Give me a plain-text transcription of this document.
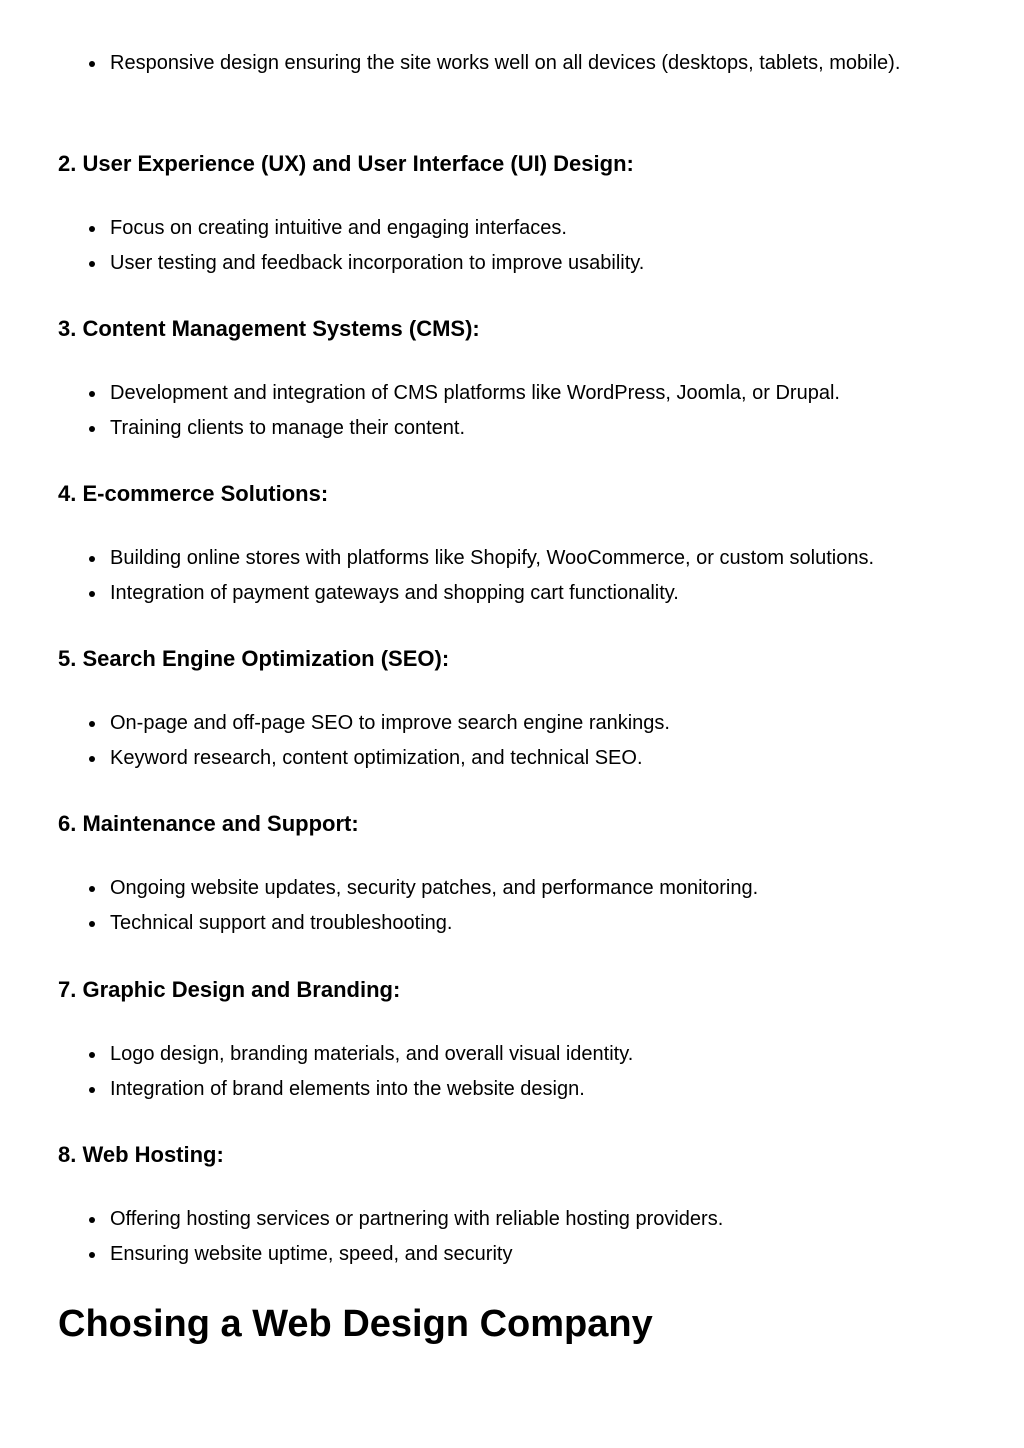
Responsive design ensuring the site works well on all devices (desktops, tablets, mobile).
2. User Experience (UX) and User Interface (UI) Design:
Focus on creating intuitive and engaging interfaces.
User testing and feedback incorporation to improve usability.
3. Content Management Systems (CMS):
Development and integration of CMS platforms like WordPress, Joomla, or Drupal.
Training clients to manage their content.
4. E-commerce Solutions:
Building online stores with platforms like Shopify, WooCommerce, or custom solutions.
Integration of payment gateways and shopping cart functionality.
5. Search Engine Optimization (SEO):
On-page and off-page SEO to improve search engine rankings.
Keyword research, content optimization, and technical SEO.
6. Maintenance and Support:
Ongoing website updates, security patches, and performance monitoring.
Technical support and troubleshooting.
7. Graphic Design and Branding:
Logo design, branding materials, and overall visual identity.
Integration of brand elements into the website design.
8. Web Hosting:
Offering hosting services or partnering with reliable hosting providers.
Ensuring website uptime, speed, and security
Chosing a Web Design Company
